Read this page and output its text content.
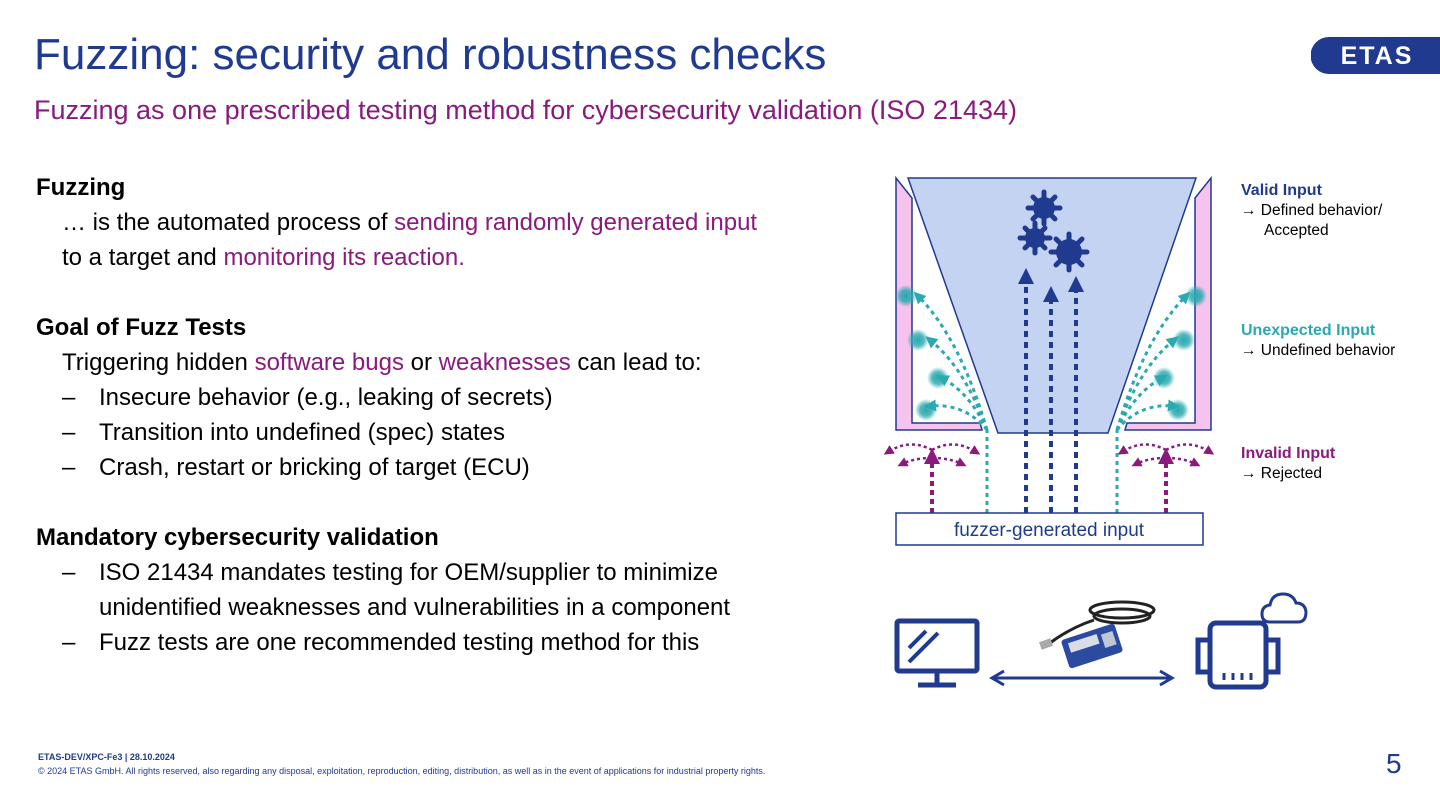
Fuzzing: security and robustness checks
Fuzzing as one prescribed testing method for cybersecurity validation (ISO 21434)
ETAS
Fuzzing
… is the automated process of sending randomly generated input
to a target and monitoring its reaction.
Goal of Fuzz Tests
Triggering hidden software bugs or weaknesses can lead to:
– Insecure behavior (e.g., leaking of secrets)
– Transition into undefined (spec) states
– Crash, restart or bricking of target (ECU)
Mandatory cybersecurity validation
– ISO 21434 mandates testing for OEM/supplier to minimize
unidentified weaknesses and vulnerabilities in a component
– Fuzz tests are one recommended testing method for this
fuzzer-generated input
Valid Input
→ Defined behavior/
Accepted
Unexpected Input
→ Undefined behavior
Invalid Input
→ Rejected
ETAS-DEV/XPC-Fe3 | 28.10.2024
© 2024 ETAS GmbH. All rights reserved, also regarding any disposal, exploitation, reproduction, editing, distribution, as well as in the event of applications for industrial property rights.	5
